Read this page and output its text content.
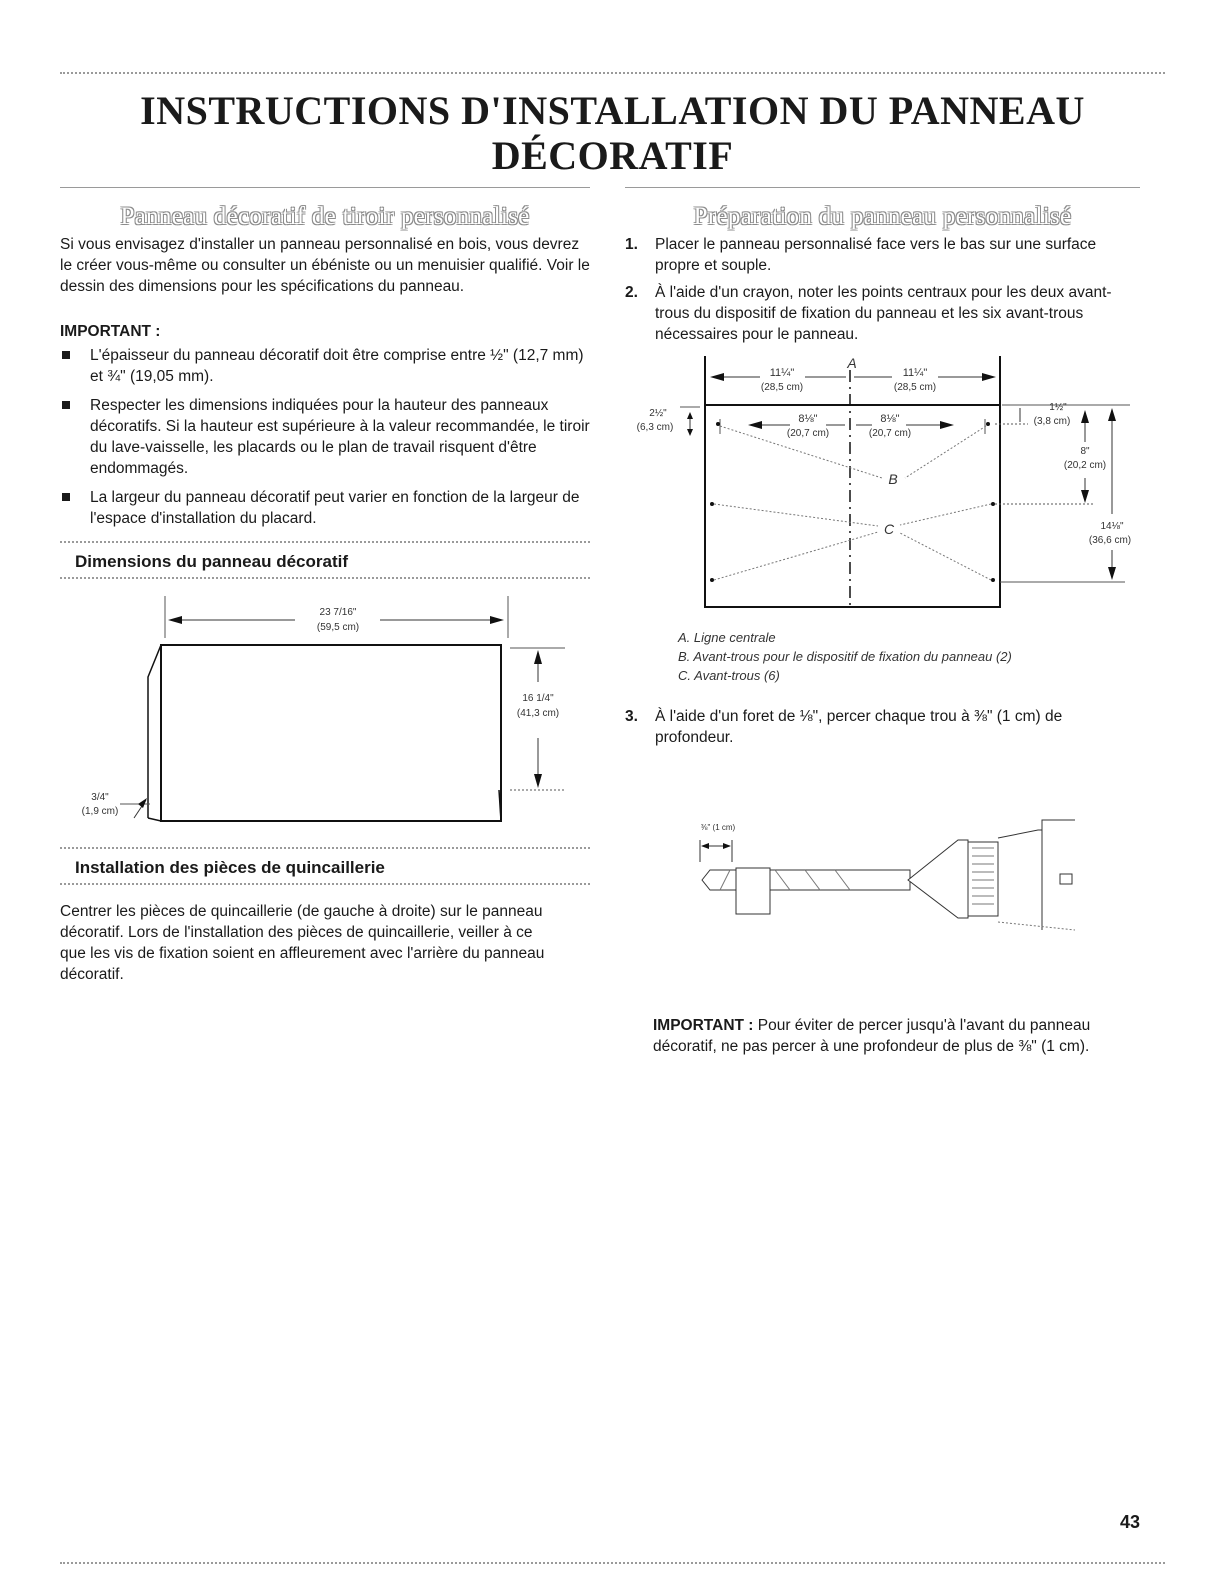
INSTRUCTIONS D'INSTALLATION DU PANNEAU
DÉCORATIF
Panneau décoratif de tiroir personnalisé

Si vous envisagez d'installer un panneau personnalisé en bois, vous devrez le créer vous-même ou consulter un ébéniste ou un menuisier qualifié. Voir le dessin des dimensions pour les spécifications du panneau.

IMPORTANT :

L'épaisseur du panneau décoratif doit être comprise entre ½" (12,7 mm) et ¾" (19,05 mm).
Respecter les dimensions indiquées pour la hauteur des panneaux décoratifs. Si la hauteur est supérieure à la valeur recommandée, le tiroir du lave-vaisselle, les placards ou le plan de travail risquent d'être endommagés.
La largeur du panneau décoratif peut varier en fonction de la largeur de l'espace d'installation du placard.
Dimensions du panneau décoratif
23 7/16"
(59,5 cm)
16 1/4"
(41,3 cm)
3/4"
(1,9 cm)
Installation des pièces de quincaillerie

Centrer les pièces de quincaillerie (de gauche à droite) sur le panneau décoratif. Lors de l'installation des pièces de quincaillerie, veiller à ce que les vis de fixation soient en affleurement avec l'arrière du panneau décoratif.

Préparation du panneau personnalisé
1. Placer le panneau personnalisé face vers le bas sur une surface propre et souple.
2. À l'aide d'un crayon, noter les points centraux pour les deux avant-trous du dispositif de fixation du panneau et les six avant-trous nécessaires pour le panneau.
A
11¼"
(28,5 cm)
11¼"
(28,5 cm)
8⅛"
(20,7 cm)
8⅛"
(20,7 cm)
2½"
(6,3 cm)
B
C
1½"
(3,8 cm)
8"
(20,2 cm)
14⅛"
(36,6 cm)
A. Ligne centrale
B. Avant-trous pour le dispositif de fixation du panneau (2)
C. Avant-trous (6)
3.	À l'aide d'un foret de ⅛", percer chaque trou à ⅜" (1 cm) de profondeur.
⅜" (1 cm)

IMPORTANT : Pour éviter de percer jusqu'à l'avant du panneau décoratif, ne pas percer à une profondeur de plus de ⅜" (1 cm).

43
